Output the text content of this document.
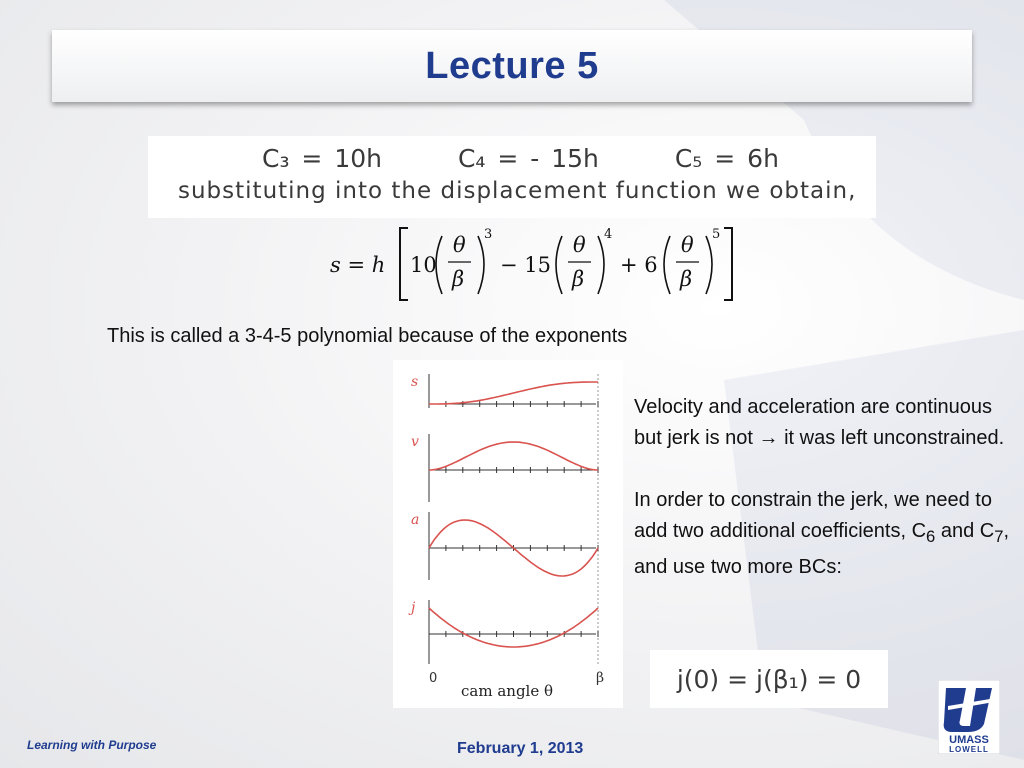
Lecture 5
C₃ = 10h	C₄ = - 15h	C₅ = 6h
substituting into the displacement function we obtain,
s = h 10
θ
β
3
− 15
θ
β
4
+ 6
θ
β
5
This is called a 3-4-5 polynomial because of the exponents
s
v
a
j
0	β
cam angle θ

Velocity and acceleration are continuous but jerk is not → it was left unconstrained.

In order to constrain the jerk, we need to add two additional coefficients, $C_6$ and $C_7$, and use two more BCs:

j(0) = j(β₁) = 0
Learning with Purpose	February 1, 2013	UMASS
LOWELL
